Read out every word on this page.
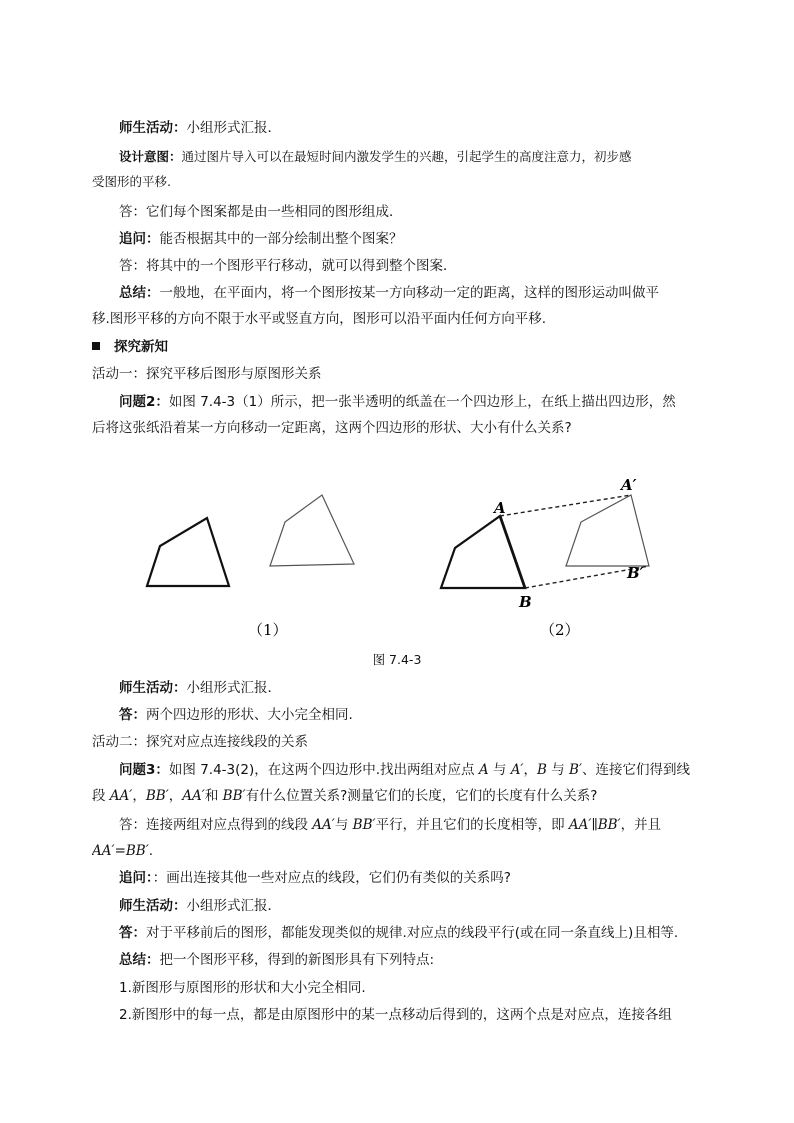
师生活动：小组形式汇报．
设计意图：通过图片导入可以在最短时间内激发学生的兴趣，引起学生的高度注意力，初步感
受图形的平移.
答：它们每个图案都是由一些相同的图形组成．
追问：能否根据其中的一部分绘制出整个图案？
答：将其中的一个图形平行移动，就可以得到整个图案．
总结：一般地，在平面内，将一个图形按某一方向移动一定的距离，这样的图形运动叫做平
移.图形平移的方向不限于水平或竖直方向，图形可以沿平面内任何方向平移.
探究新知
活动一：探究平移后图形与原图形关系
问题2：如图 7.4-3（1）所示，把一张半透明的纸盖在一个四边形上，在纸上描出四边形，然
后将这张纸沿着某一方向移动一定距离，这两个四边形的形状、大小有什么关系?
A
B
A′
B′
（1）	（2）
图 7.4-3
师生活动：小组形式汇报．
答：两个四边形的形状、大小完全相同.
活动二：探究对应点连接线段的关系
问题3：如图 7.4-3(2)，在这两个四边形中.找出两组对应点 A 与 A′，B 与 B′、连接它们得到线
段 AA′，BB′，AA′和 BB′有什么位置关系?测量它们的长度，它们的长度有什么关系?
答：连接两组对应点得到的线段 AA′与 BB′平行，并且它们的长度相等，即 AA′∥BB′，并且
AA′=BB′.
追问：：画出连接其他一些对应点的线段，它们仍有类似的关系吗?
师生活动：小组形式汇报．
答：对于平移前后的图形，都能发现类似的规律.对应点的线段平行(或在同一条直线上)且相等.
总结：把一个图形平移，得到的新图形具有下列特点:
1.新图形与原图形的形状和大小完全相同.
2.新图形中的每一点，都是由原图形中的某一点移动后得到的，这两个点是对应点，连接各组
